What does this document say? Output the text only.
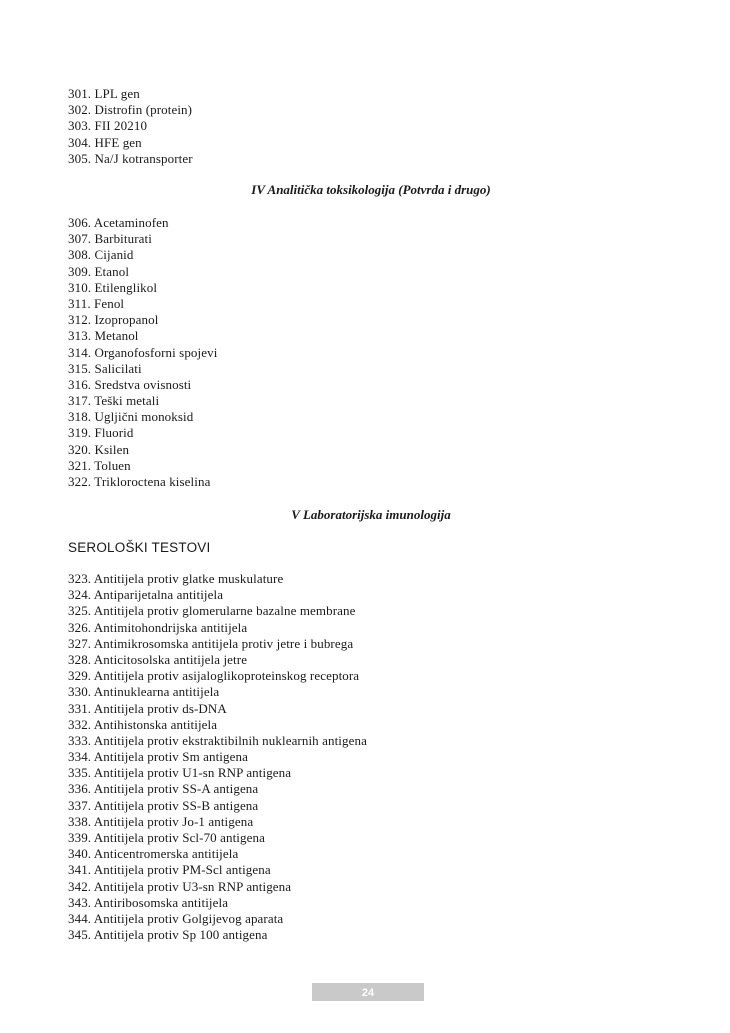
301. LPL gen
302. Distrofin (protein)
303. FII 20210
304. HFE gen
305. Na/J kotransporter
IV Analitička toksikologija (Potvrda i drugo)
306. Acetaminofen
307. Barbiturati
308. Cijanid
309. Etanol
310. Etilenglikol
311. Fenol
312. Izopropanol
313. Metanol
314. Organofosforni spojevi
315. Salicilati
316. Sredstva ovisnosti
317. Teški metali
318. Ugljični monoksid
319. Fluorid
320. Ksilen
321. Toluen
322. Trikloroctena kiselina
V Laboratorijska imunologija
SEROLOŠKI TESTOVI
323. Antitijela protiv glatke muskulature
324. Antiparijetalna antitijela
325. Antitijela protiv glomerularne bazalne membrane
326. Antimitohondrijska antitijela
327. Antimikrosomska antitijela protiv jetre i bubrega
328. Anticitosolska antitijela jetre
329. Antitijela protiv asijaloglikoproteinskog receptora
330. Antinuklearna antitijela
331. Antitijela protiv ds-DNA
332. Antihistonska antitijela
333. Antitijela protiv ekstraktibilnih nuklearnih antigena
334. Antitijela protiv Sm antigena
335. Antitijela protiv U1-sn RNP antigena
336. Antitijela protiv SS-A antigena
337. Antitijela protiv SS-B antigena
338. Antitijela protiv Jo-1 antigena
339. Antitijela protiv Scl-70 antigena
340. Anticentromerska antitijela
341. Antitijela protiv PM-Scl antigena
342. Antitijela protiv U3-sn RNP antigena
343. Antiribosomska antitijela
344. Antitijela protiv Golgijevog aparata
345. Antitijela protiv Sp 100 antigena
24
